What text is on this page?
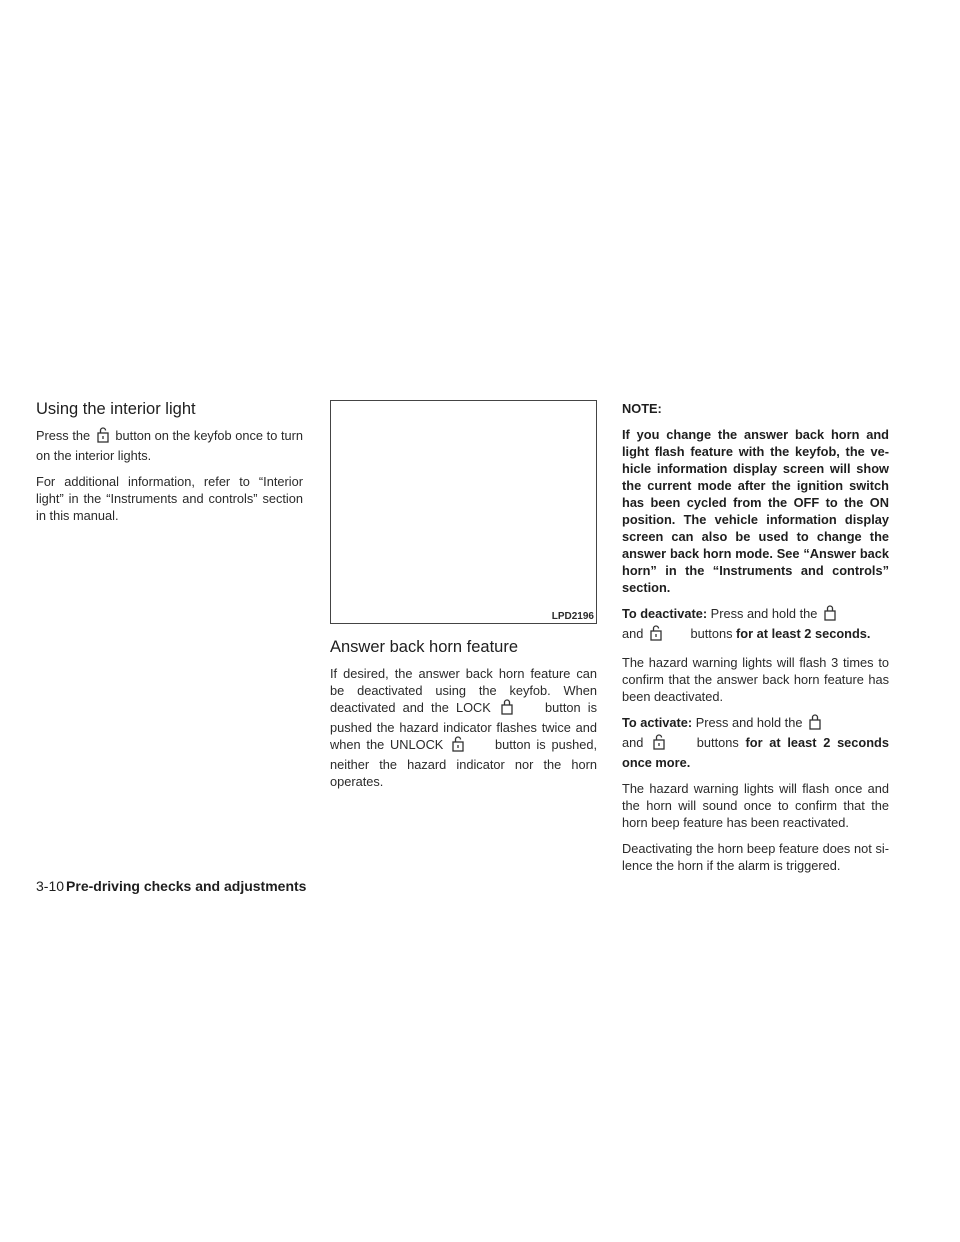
Using the interior light

Press the button on the keyfob once to turn on the interior lights.

For additional information, refer to “Interior light” in the “Instruments and controls” section in this manual.

LPD2196
Answer back horn feature

If desired, the answer back horn feature can be deactivated using the keyfob. When deactivated and the LOCK	button is pushed the hazard indicator flashes twice and when the UNLOCK	button is pushed, neither the hazard indicator nor the horn operates.

NOTE:

If you change the answer back horn and light flash feature with the keyfob, the ve-hicle information display screen will show the current mode after the ignition switch has been cycled from the OFF to the ON position. The vehicle information display screen can also be used to change the answer back horn mode. See “Answer back horn” in the “Instruments and controls” section.

To deactivate: Press and hold the
and	buttons for at least 2 seconds.

The hazard warning lights will flash 3 times to confirm that the answer back horn feature has been deactivated.

To activate: Press and hold the
and	buttons for at least 2 seconds once more.

The hazard warning lights will flash once and the horn will sound once to confirm that the horn beep feature has been reactivated.

Deactivating the horn beep feature does not si-lence the horn if the alarm is triggered.

3-10 Pre-driving checks and adjustments
